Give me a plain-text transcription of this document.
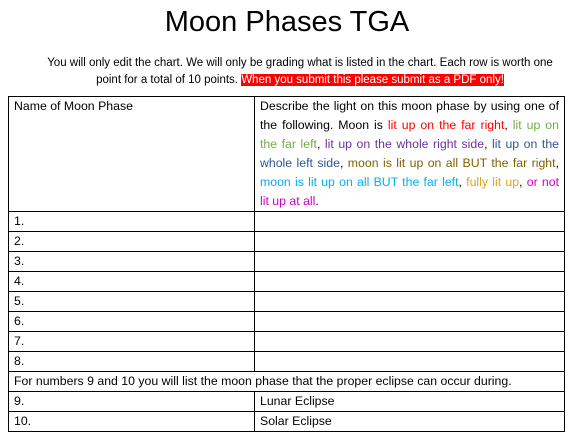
Moon Phases TGA
You will only edit the chart. We will only be grading what is listed in the chart. Each row is worth one point for a total of 10 points. When you submit this please submit as a PDF only!
Name of Moon Phase	Describe the light on this moon phase by using one of the following. Moon is lit up on the far right, lit up on the far left, lit up on the whole right side, lit up on the whole left side, moon is lit up on all BUT the far right, moon is lit up on all BUT the far left, fully lit up, or not lit up at all.
1.	
2.	
3.	
4.	
5.	
6.	
7.	
8.	
For numbers 9 and 10 you will list the moon phase that the proper eclipse can occur during.	
9.	Lunar Eclipse
10.	Solar Eclipse
